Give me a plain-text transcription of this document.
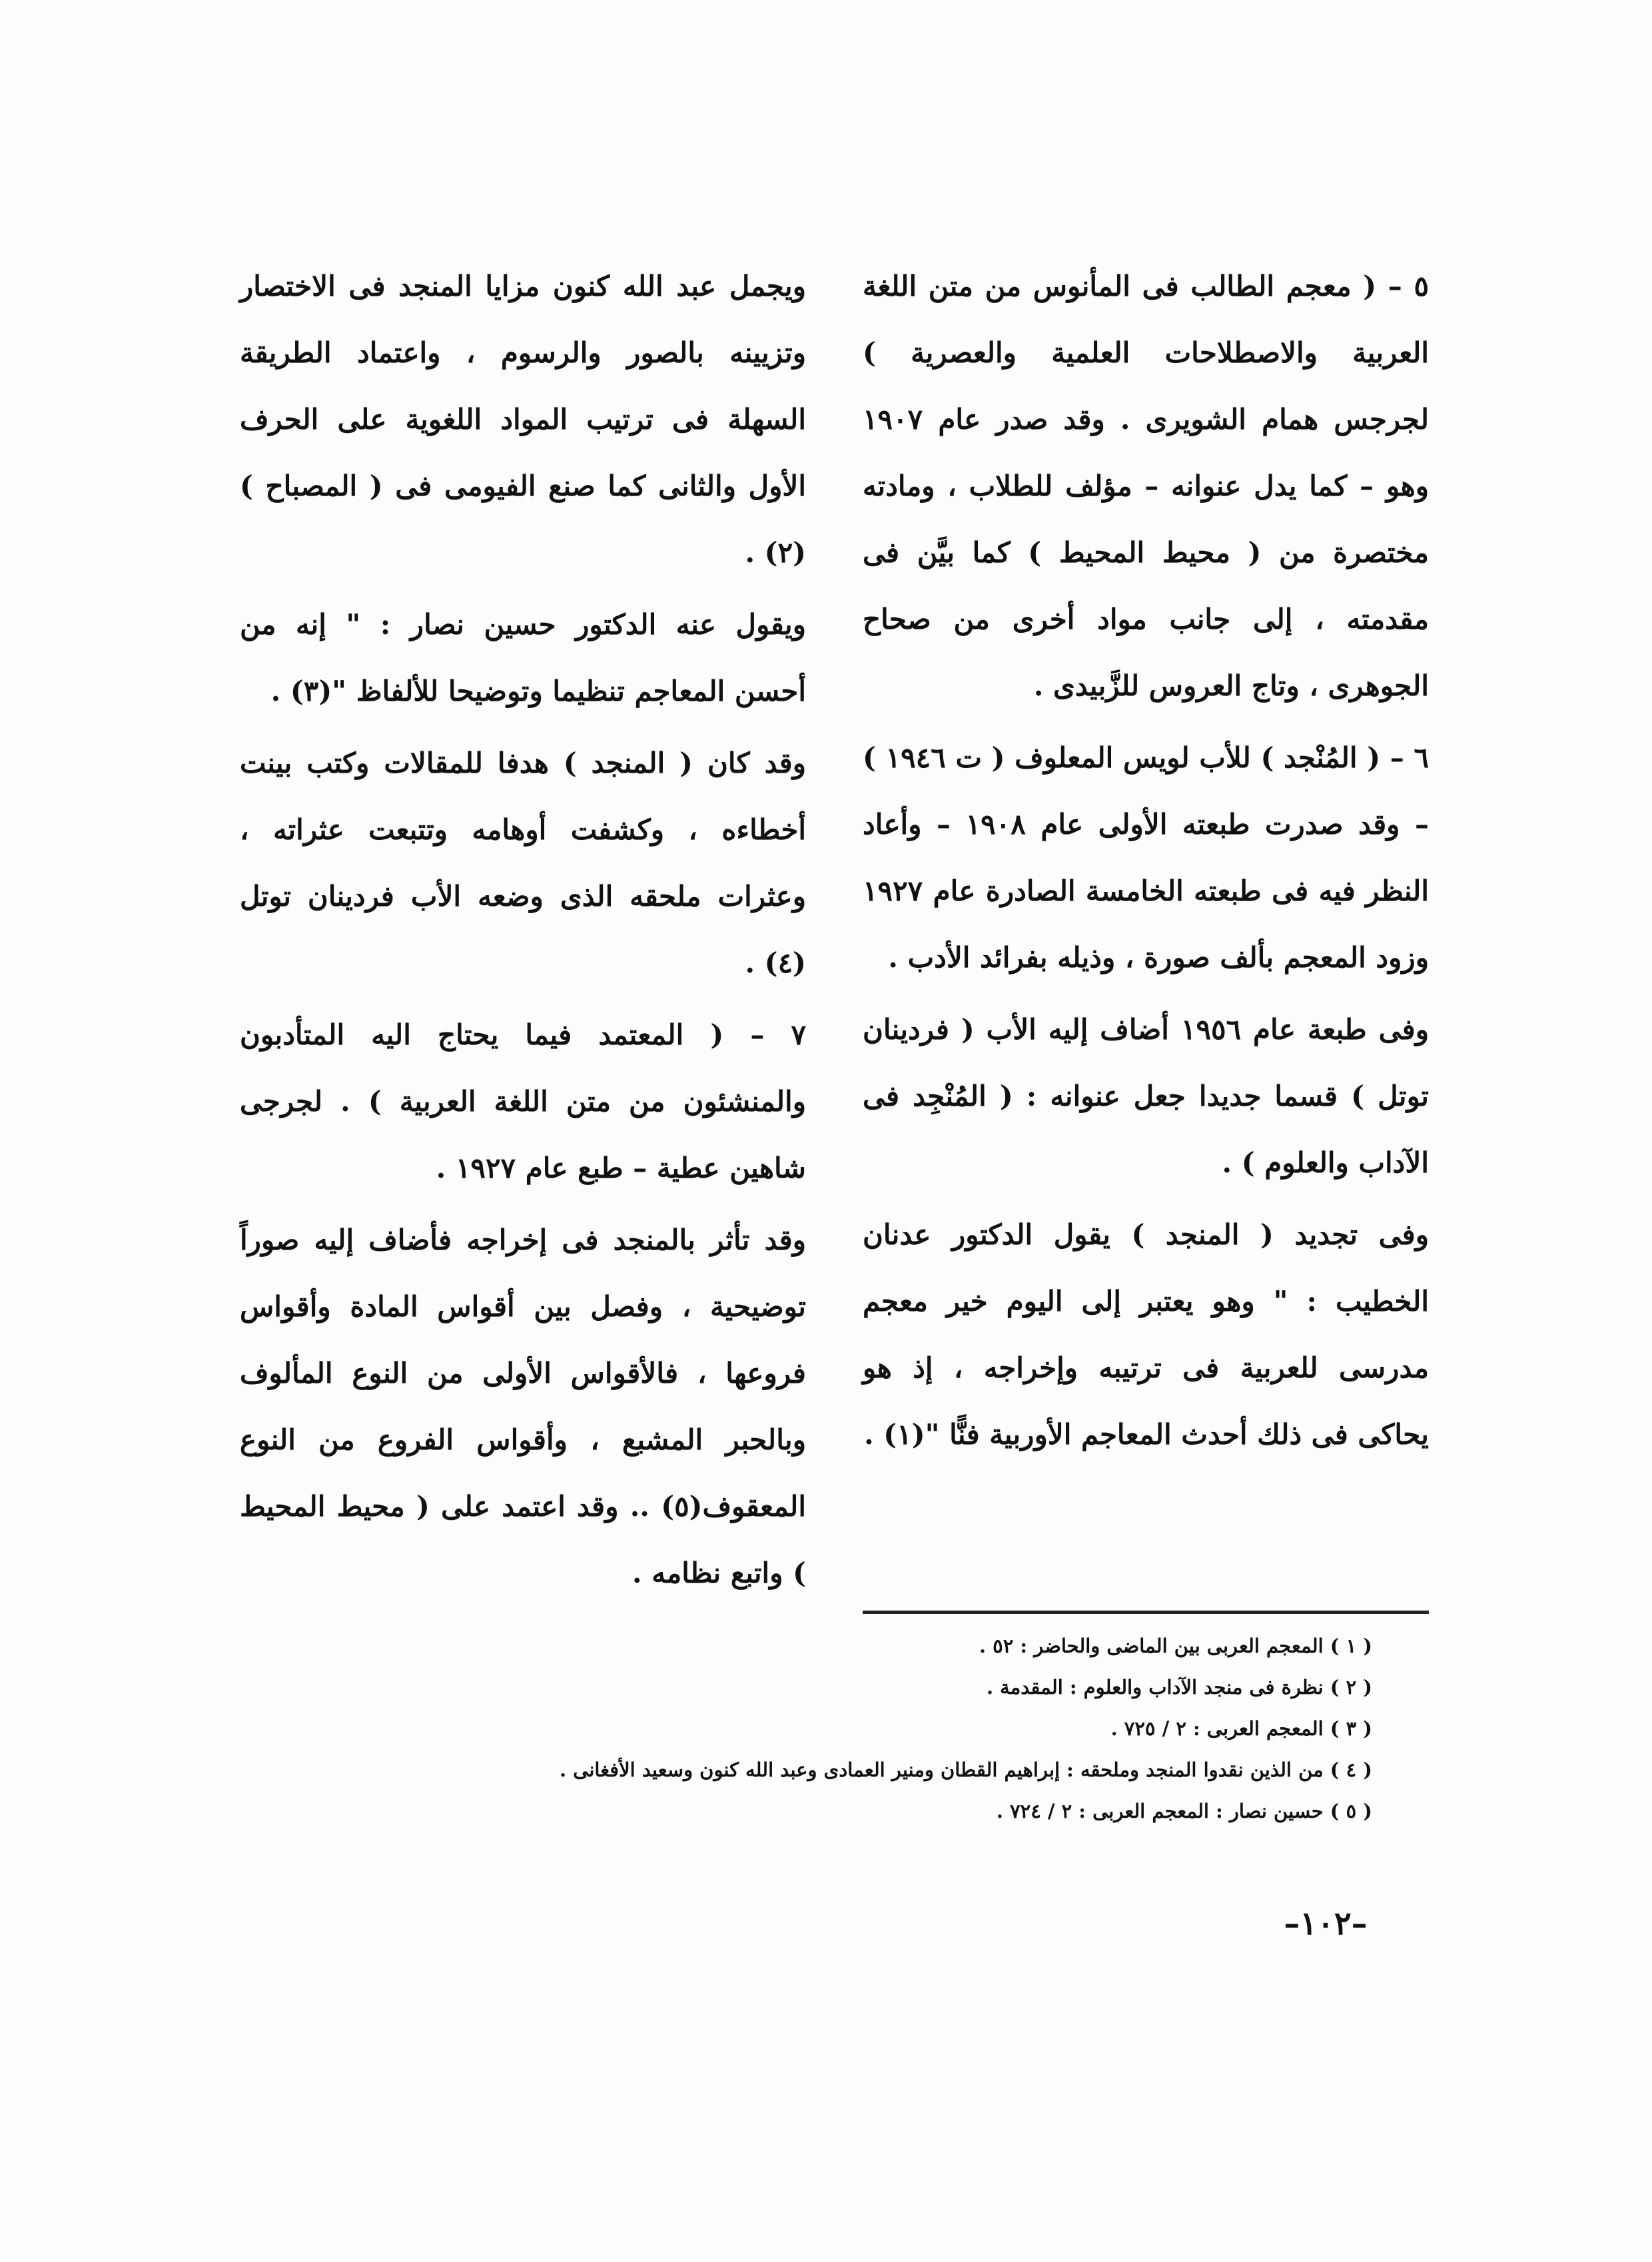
٥ – ( معجم الطالب فى المأنوس من متن اللغة العربية والاصطلاحات العلمية والعصرية ) لجرجس همام الشويرى . وقد صدر عام ١٩٠٧ وهو – كما يدل عنوانه – مؤلف للطلاب ، ومادته مختصرة من ( محيط المحيط ) كما بيَّن فى مقدمته ، إلى جانب مواد أخرى من صحاح الجوهرى ، وتاج العروس للزَّبيدى .

٦ – ( المُنْجد ) للأب لويس المعلوف ( ت ١٩٤٦ ) – وقد صدرت طبعته الأولى عام ١٩٠٨ – وأعاد النظر فيه فى طبعته الخامسة الصادرة عام ١٩٢٧ وزود المعجم بألف صورة ، وذيله بفرائد الأدب .

وفى طبعة عام ١٩٥٦ أضاف إليه الأب ( فردينان توتل ) قسما جديدا جعل عنوانه : ( المُنْجِد فى الآداب والعلوم ) .

وفى تجديد ( المنجد ) يقول الدكتور عدنان الخطيب : " وهو يعتبر إلى اليوم خير معجم مدرسى للعربية فى ترتيبه وإخراجه ، إذ هو يحاكى فى ذلك أحدث المعاجم الأوربية فنًّا "(١) .

ويجمل عبد الله كنون مزايا المنجد فى الاختصار وتزيينه بالصور والرسوم ، واعتماد الطريقة السهلة فى ترتيب المواد اللغوية على الحرف الأول والثانى كما صنع الفيومى فى ( المصباح )(٢) .

ويقول عنه الدكتور حسين نصار : " إنه من أحسن المعاجم تنظيما وتوضيحا للألفاظ "(٣) .

وقد كان ( المنجد ) هدفا للمقالات وكتب بينت أخطاءه ، وكشفت أوهامه وتتبعت عثراته ، وعثرات ملحقه الذى وضعه الأب فردينان توتل (٤) .

٧ – ( المعتمد فيما يحتاج اليه المتأدبون والمنشئون من متن اللغة العربية ) . لجرجى شاهين عطية – طبع عام ١٩٢٧ .

وقد تأثر بالمنجد فى إخراجه فأضاف إليه صوراً توضيحية ، وفصل بين أقواس المادة وأقواس فروعها ، فالأقواس الأولى من النوع المألوف وبالحبر المشبع ، وأقواس الفروع من النوع المعقوف(٥) .. وقد اعتمد على ( محيط المحيط ) واتبع نظامه .

( ١ ) المعجم العربى بين الماضى والحاضر : ٥٢ .
( ٢ ) نظرة فى منجد الآداب والعلوم : المقدمة .
( ٣ ) المعجم العربى : ٢ / ٧٢٥ .
( ٤ ) من الذين نقدوا المنجد وملحقه : إبراهيم القطان ومنير العمادى وعبد الله كنون وسعيد الأفغانى .
( ٥ ) حسين نصار : المعجم العربى : ٢ / ٧٢٤ .
–١٠٢–
